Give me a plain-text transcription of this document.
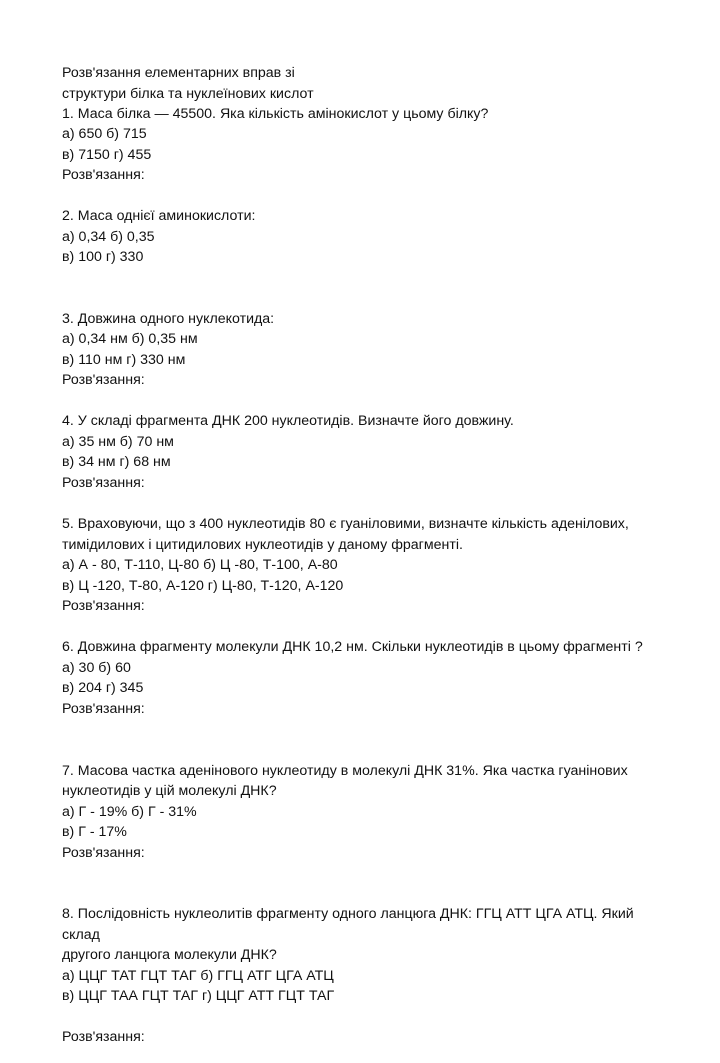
Розв'язання елементарних вправ зі
структури білка та нуклеїнових кислот
1. Маса білка — 45500. Яка кількість амінокислот у цьому білку?
а) 650 б) 715
в) 7150 г) 455
Розв'язання:
2. Маса однієї аминокислоти:
а) 0,34 б) 0,35
в) 100 г) 330
3. Довжина одного нуклекотида:
а) 0,34 нм б) 0,35 нм
в) 110 нм г) 330 нм
Розв'язання:
4. У складі фрагмента ДНК 200 нуклеотидів. Визначте його довжину.
а) 35 нм б) 70 нм
в) 34 нм г) 68 нм
Розв'язання:
5. Враховуючи, що з 400 нуклеотидів 80 є гуаніловими, визначте кількість аденілових,
тимідилових і цитидилових нуклеотидів у даному фрагменті.
а) А - 80, Т-110, Ц-80 б) Ц -80, Т-100, А-80
в) Ц -120, Т-80, А-120 г) Ц-80, Т-120, А-120
Розв'язання:
6. Довжина фрагменту молекули ДНК 10,2 нм. Скільки нуклеотидів в цьому фрагменті ?
а) 30 б) 60
в) 204 г) 345
Розв'язання:
7. Масова частка аденінового нуклеотиду в молекулі ДНК 31%. Яка частка гуанінових
нуклеотидів у цій молекулі ДНК?
а) Г - 19% б) Г - 31%
в) Г - 17%
Розв'язання:
8. Послідовність нуклеолитів фрагменту одного ланцюга ДНК: ГГЦ АТТ ЦГА АТЦ. Який
склад
другого ланцюга молекули ДНК?
а) ЦЦГ ТАТ ГЦТ ТАГ б) ГГЦ АТГ ЦГА АТЦ
в) ЦЦГ ТАА ГЦТ ТАГ г) ЦЦГ АТТ ГЦТ ТАГ
Розв'язання:
